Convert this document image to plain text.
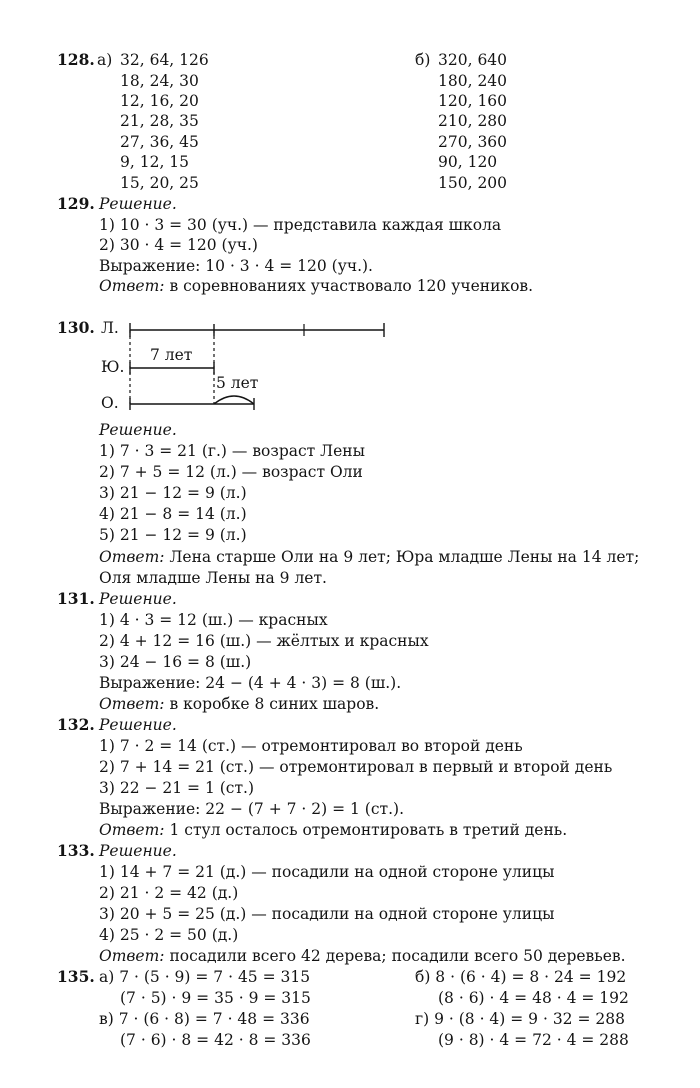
128. а) 32, 64, 126
18, 24, 30
12, 16, 20
21, 28, 35
27, 36, 45
9, 12, 15
15, 20, 25
б) 320, 640
180, 240
120, 160
210, 280
270, 360
90, 120
150, 200
129. Решение.
1) 10 · 3 = 30 (уч.) — представила каждая школа
2) 30 · 4 = 120 (уч.)
Выражение: 10 · 3 · 4 = 120 (уч.).
Ответ: в соревнованиях участвовало 120 учеников.
130. Л.
Ю.
О.
7 лет
5 лет
Решение.
1) 7 · 3 = 21 (г.) — возраст Лены
2) 7 + 5 = 12 (л.) — возраст Оли
3) 21 − 12 = 9 (л.)
4) 21 − 8 = 14 (л.)
5) 21 − 12 = 9 (л.)
Ответ: Лена старше Оли на 9 лет; Юра младше Лены на 14 лет;
Оля младше Лены на 9 лет.
131. Решение.
1) 4 · 3 = 12 (ш.) — красных
2) 4 + 12 = 16 (ш.) — жёлтых и красных
3) 24 − 16 = 8 (ш.)
Выражение: 24 − (4 + 4 · 3) = 8 (ш.).
Ответ: в коробке 8 синих шаров.
132. Решение.
1) 7 · 2 = 14 (ст.) — отремонтировал во второй день
2) 7 + 14 = 21 (ст.) — отремонтировал в первый и второй день
3) 22 − 21 = 1 (ст.)
Выражение: 22 − (7 + 7 · 2) = 1 (ст.).
Ответ: 1 стул осталось отремонтировать в третий день.
133. Решение.
1) 14 + 7 = 21 (д.) — посадили на одной стороне улицы
2) 21 · 2 = 42 (д.)
3) 20 + 5 = 25 (д.) — посадили на одной стороне улицы
4) 25 · 2 = 50 (д.)
Ответ: посадили всего 42 дерева; посадили всего 50 деревьев.
135. а) 7 · (5 · 9) = 7 · 45 = 315
(7 · 5) · 9 = 35 · 9 = 315
в) 7 · (6 · 8) = 7 · 48 = 336
(7 · 6) · 8 = 42 · 8 = 336
б) 8 · (6 · 4) = 8 · 24 = 192
(8 · 6) · 4 = 48 · 4 = 192
г) 9 · (8 · 4) = 9 · 32 = 288
(9 · 8) · 4 = 72 · 4 = 288
